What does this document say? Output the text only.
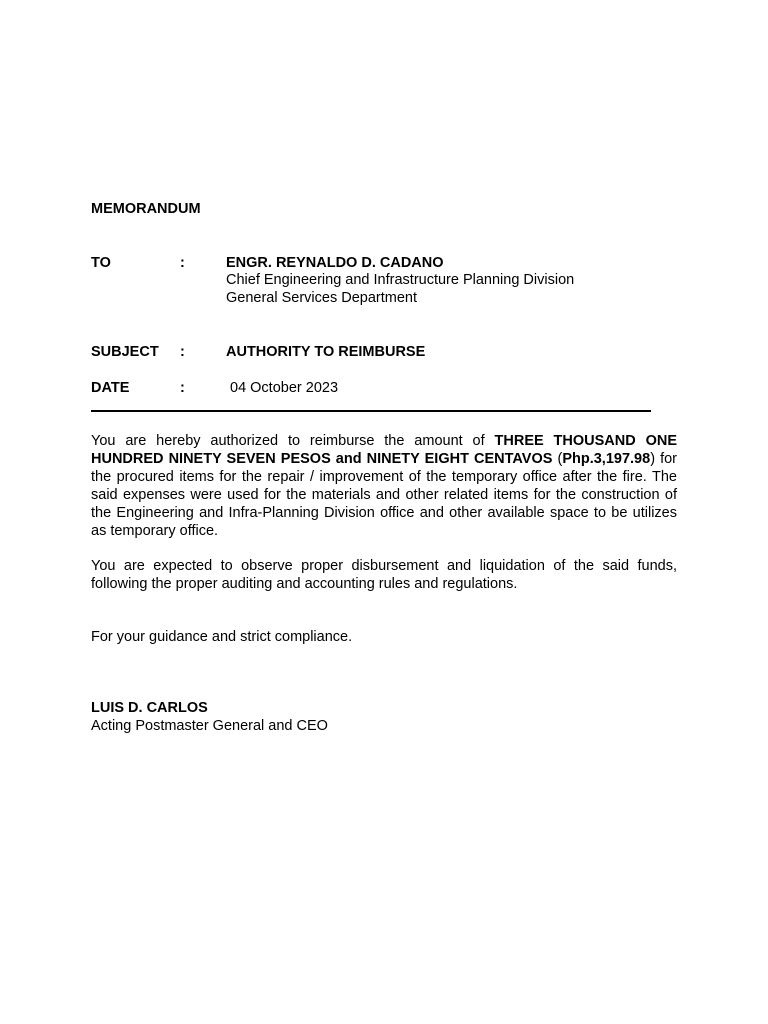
MEMORANDUM
TO	:	ENGR. REYNALDO D. CADANO
Chief Engineering and Infrastructure Planning Division
General Services Department
SUBJECT :	AUTHORITY TO REIMBURSE
DATE	:	04 October 2023
You are hereby authorized to reimburse the amount of THREE THOUSAND ONE HUNDRED NINETY SEVEN PESOS and NINETY EIGHT CENTAVOS (Php.3,197.98) for the procured items for the repair / improvement of the temporary office after the fire. The said expenses were used for the materials and other related items for the construction of the Engineering and Infra-Planning Division office and other available space to be utilizes as temporary office.
You are expected to observe proper disbursement and liquidation of the said funds, following the proper auditing and accounting rules and regulations.
For your guidance and strict compliance.
LUIS D. CARLOS
Acting Postmaster General and CEO
